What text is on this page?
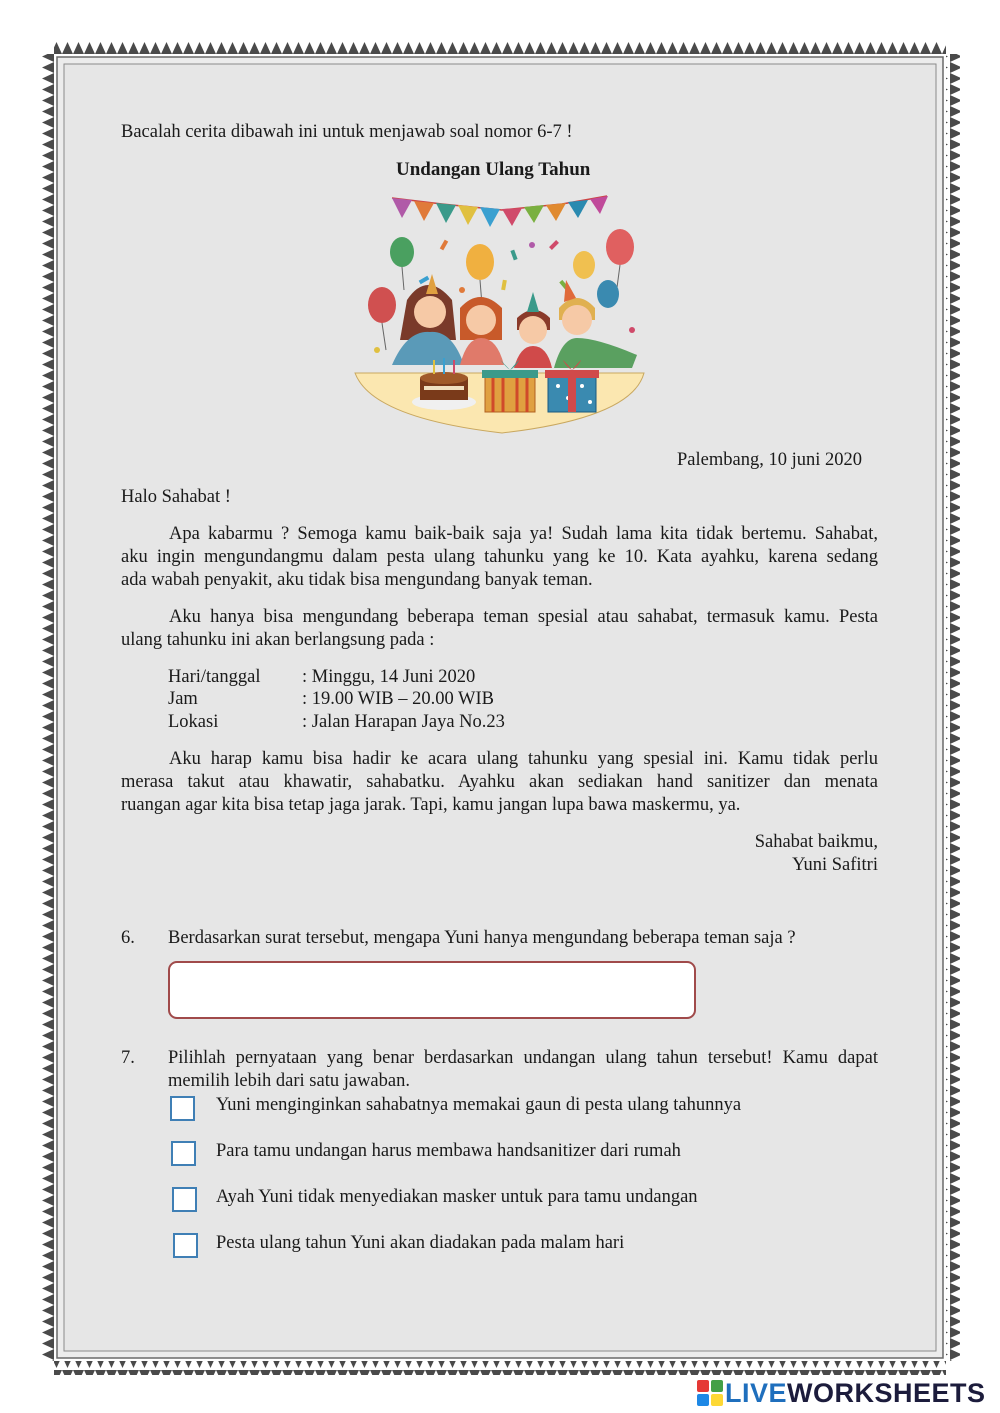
Bacalah cerita dibawah ini untuk menjawab soal nomor 6-7 !
Undangan Ulang Tahun
Palembang, 10 juni 2020
Halo Sahabat !
Apa kabarmu ? Semoga kamu baik-baik saja ya! Sudah lama kita tidak bertemu. Sahabat,
aku ingin mengundangmu dalam pesta ulang tahunku yang ke 10. Kata ayahku, karena sedang
ada wabah penyakit, aku tidak bisa mengundang banyak teman.
Aku hanya bisa mengundang beberapa teman spesial atau sahabat, termasuk kamu. Pesta
ulang tahunku ini akan berlangsung pada :
Hari/tanggal : Minggu, 14 Juni 2020
Jam	: 19.00 WIB – 20.00 WIB
Lokasi	: Jalan Harapan Jaya No.23
Aku harap kamu bisa hadir ke acara ulang tahunku yang spesial ini. Kamu tidak perlu
merasa takut atau khawatir, sahabatku. Ayahku akan sediakan hand sanitizer dan menata
ruangan agar kita bisa tetap jaga jarak. Tapi, kamu jangan lupa bawa maskermu, ya.
Sahabat baikmu,
Yuni Safitri
6. Berdasarkan surat tersebut, mengapa Yuni hanya mengundang beberapa teman saja ?
7. Pilihlah pernyataan yang benar berdasarkan undangan ulang tahun tersebut! Kamu dapat
memilih lebih dari satu jawaban.
Yuni menginginkan sahabatnya memakai gaun di pesta ulang tahunnya
Para tamu undangan harus membawa handsanitizer dari rumah
Ayah Yuni tidak menyediakan masker untuk para tamu undangan
Pesta ulang tahun Yuni akan diadakan pada malam hari
LIVEWORKSHEETS
